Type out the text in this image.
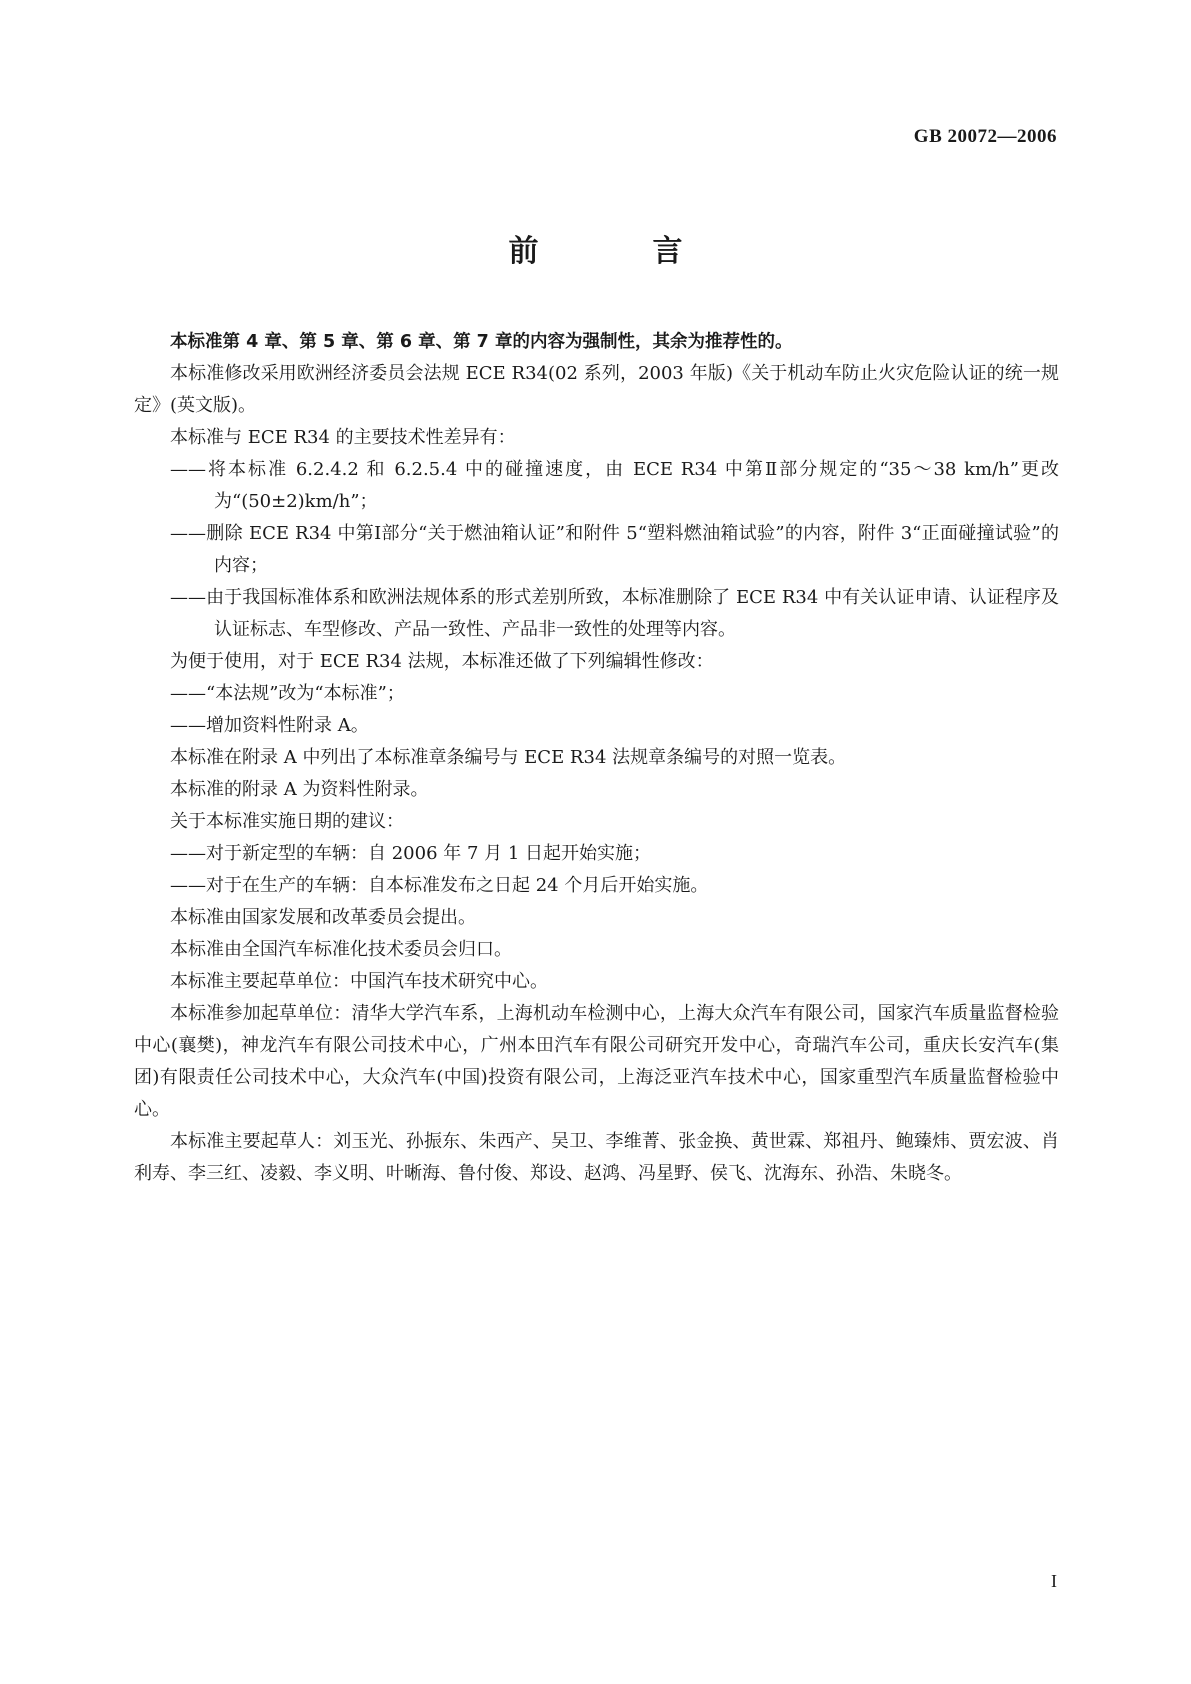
GB 20072—2006
前　言

本标准第 4 章、第 5 章、第 6 章、第 7 章的内容为强制性，其余为推荐性的。

本标准修改采用欧洲经济委员会法规 ECE R34(02 系列，2003 年版)《关于机动车防止火灾危险认证的统一规定》(英文版)。

本标准与 ECE R34 的主要技术性差异有：

——将本标准 6.2.4.2 和 6.2.5.4 中的碰撞速度，由 ECE R34 中第Ⅱ部分规定的“35～38 km/h”更改为“(50±2)km/h”；

——删除 ECE R34 中第Ⅰ部分“关于燃油箱认证”和附件 5“塑料燃油箱试验”的内容，附件 3“正面碰撞试验”的内容；

——由于我国标准体系和欧洲法规体系的形式差别所致，本标准删除了 ECE R34 中有关认证申请、认证程序及认证标志、车型修改、产品一致性、产品非一致性的处理等内容。

为便于使用，对于 ECE R34 法规，本标准还做了下列编辑性修改：

——“本法规”改为“本标准”；

——增加资料性附录 A。

本标准在附录 A 中列出了本标准章条编号与 ECE R34 法规章条编号的对照一览表。

本标准的附录 A 为资料性附录。

关于本标准实施日期的建议：

——对于新定型的车辆：自 2006 年 7 月 1 日起开始实施；

——对于在生产的车辆：自本标准发布之日起 24 个月后开始实施。

本标准由国家发展和改革委员会提出。

本标准由全国汽车标准化技术委员会归口。

本标准主要起草单位：中国汽车技术研究中心。

本标准参加起草单位：清华大学汽车系，上海机动车检测中心，上海大众汽车有限公司，国家汽车质量监督检验中心(襄樊)，神龙汽车有限公司技术中心，广州本田汽车有限公司研究开发中心，奇瑞汽车公司，重庆长安汽车(集团)有限责任公司技术中心，大众汽车(中国)投资有限公司，上海泛亚汽车技术中心，国家重型汽车质量监督检验中心。

本标准主要起草人：刘玉光、孙振东、朱西产、吴卫、李维菁、张金换、黄世霖、郑祖丹、鲍臻炜、贾宏波、肖利寿、李三红、凌毅、李义明、叶晰海、鲁付俊、郑设、赵鸿、冯星野、侯飞、沈海东、孙浩、朱晓冬。

I
